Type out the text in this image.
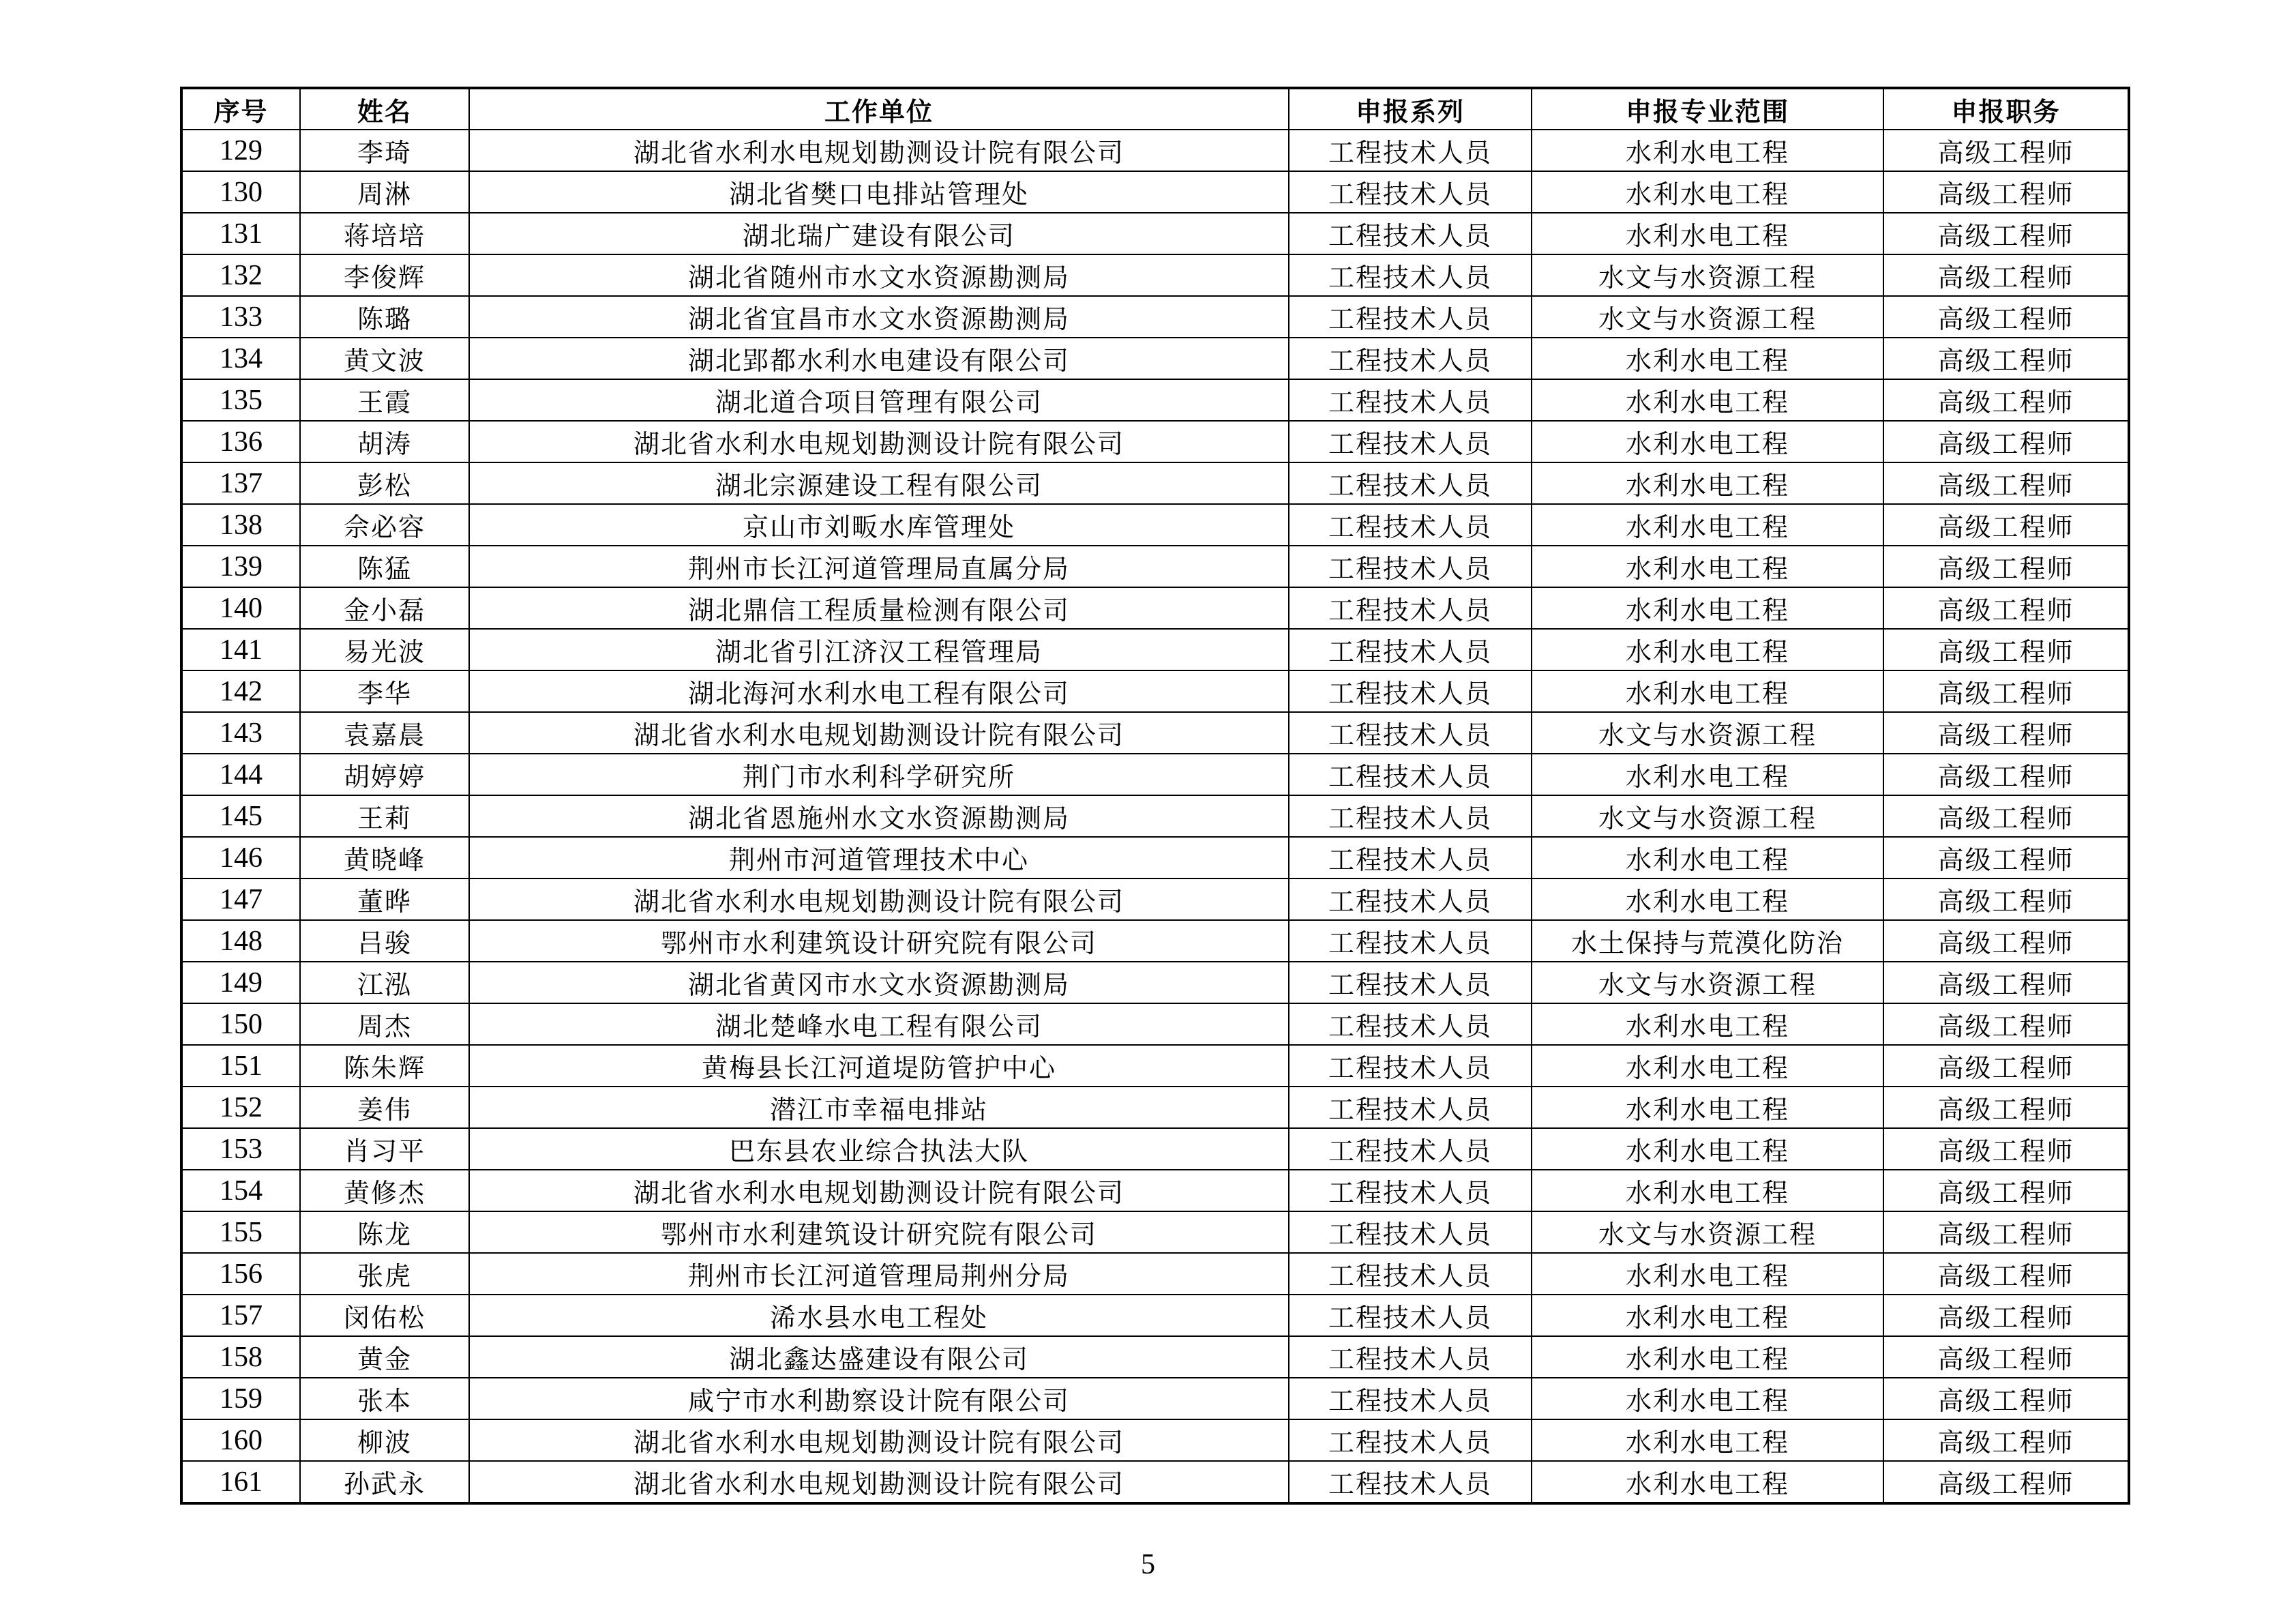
序号	姓名	工作单位	申报系列	申报专业范围	申报职务
129	李琦	湖北省水利水电规划勘测设计院有限公司	工程技术人员	水利水电工程	高级工程师
130	周淋	湖北省樊口电排站管理处	工程技术人员	水利水电工程	高级工程师
131	蒋培培	湖北瑞广建设有限公司	工程技术人员	水利水电工程	高级工程师
132	李俊辉	湖北省随州市水文水资源勘测局	工程技术人员	水文与水资源工程	高级工程师
133	陈璐	湖北省宜昌市水文水资源勘测局	工程技术人员	水文与水资源工程	高级工程师
134	黄文波	湖北郢都水利水电建设有限公司	工程技术人员	水利水电工程	高级工程师
135	王霞	湖北道合项目管理有限公司	工程技术人员	水利水电工程	高级工程师
136	胡涛	湖北省水利水电规划勘测设计院有限公司	工程技术人员	水利水电工程	高级工程师
137	彭松	湖北宗源建设工程有限公司	工程技术人员	水利水电工程	高级工程师
138	佘必容	京山市刘畈水库管理处	工程技术人员	水利水电工程	高级工程师
139	陈猛	荆州市长江河道管理局直属分局	工程技术人员	水利水电工程	高级工程师
140	金小磊	湖北鼎信工程质量检测有限公司	工程技术人员	水利水电工程	高级工程师
141	易光波	湖北省引江济汉工程管理局	工程技术人员	水利水电工程	高级工程师
142	李华	湖北海河水利水电工程有限公司	工程技术人员	水利水电工程	高级工程师
143	袁嘉晨	湖北省水利水电规划勘测设计院有限公司	工程技术人员	水文与水资源工程	高级工程师
144	胡婷婷	荆门市水利科学研究所	工程技术人员	水利水电工程	高级工程师
145	王莉	湖北省恩施州水文水资源勘测局	工程技术人员	水文与水资源工程	高级工程师
146	黄晓峰	荆州市河道管理技术中心	工程技术人员	水利水电工程	高级工程师
147	董晔	湖北省水利水电规划勘测设计院有限公司	工程技术人员	水利水电工程	高级工程师
148	吕骏	鄂州市水利建筑设计研究院有限公司	工程技术人员	水土保持与荒漠化防治	高级工程师
149	江泓	湖北省黄冈市水文水资源勘测局	工程技术人员	水文与水资源工程	高级工程师
150	周杰	湖北楚峰水电工程有限公司	工程技术人员	水利水电工程	高级工程师
151	陈朱辉	黄梅县长江河道堤防管护中心	工程技术人员	水利水电工程	高级工程师
152	姜伟	潜江市幸福电排站	工程技术人员	水利水电工程	高级工程师
153	肖习平	巴东县农业综合执法大队	工程技术人员	水利水电工程	高级工程师
154	黄修杰	湖北省水利水电规划勘测设计院有限公司	工程技术人员	水利水电工程	高级工程师
155	陈龙	鄂州市水利建筑设计研究院有限公司	工程技术人员	水文与水资源工程	高级工程师
156	张虎	荆州市长江河道管理局荆州分局	工程技术人员	水利水电工程	高级工程师
157	闵佑松	浠水县水电工程处	工程技术人员	水利水电工程	高级工程师
158	黄金	湖北鑫达盛建设有限公司	工程技术人员	水利水电工程	高级工程师
159	张本	咸宁市水利勘察设计院有限公司	工程技术人员	水利水电工程	高级工程师
160	柳波	湖北省水利水电规划勘测设计院有限公司	工程技术人员	水利水电工程	高级工程师
161	孙武永	湖北省水利水电规划勘测设计院有限公司	工程技术人员	水利水电工程	高级工程师
5
